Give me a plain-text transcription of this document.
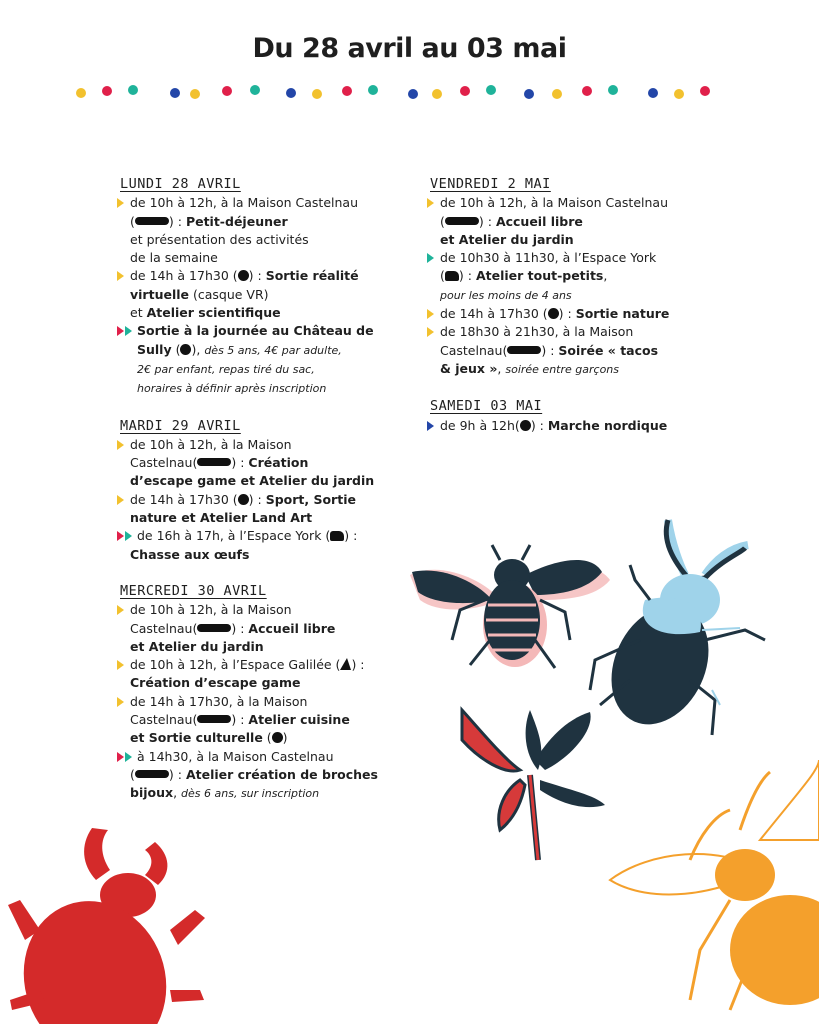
Du 28 avril au 03 mai
LUNDI 28 AVRIL
de 10h à 12h, à la Maison Castelnau
(	) : Petit-déjeuner
et présentation des activités
de la semaine
de 14h à 17h30 ( ) : Sortie réalité
virtuelle (casque VR)
et Atelier scientifique
Sortie à la journée au Château de
Sully ( ), dès 5 ans, 4€ par adulte,
2€ par enfant, repas tiré du sac,
horaires à définir après inscription
MARDI 29 AVRIL
de 10h à 12h, à la Maison
Castelnau(	) : Création
d’escape game et Atelier du jardin
de 14h à 17h30 ( ) : Sport, Sortie
nature et Atelier Land Art
de 16h à 17h, à l’Espace York ( ) :
Chasse aux œufs
MERCREDI 30 AVRIL
de 10h à 12h, à la Maison
Castelnau(	) : Accueil libre
et Atelier du jardin
de 10h à 12h, à l’Espace Galilée ( ) :
Création d’escape game
de 14h à 17h30, à la Maison
Castelnau(	) : Atelier cuisine
et Sortie culturelle ( )
à 14h30, à la Maison Castelnau
(	) : Atelier création de broches
bijoux, dès 6 ans, sur inscription
VENDREDI 2 MAI
de 10h à 12h, à la Maison Castelnau
(	) : Accueil libre
et Atelier du jardin
de 10h30 à 11h30, à l’Espace York
( ) : Atelier tout-petits,
pour les moins de 4 ans
de 14h à 17h30 ( ) : Sortie nature
de 18h30 à 21h30, à la Maison
Castelnau(	) : Soirée « tacos
& jeux », soirée entre garçons
SAMEDI 03 MAI
de 9h à 12h( ) : Marche nordique
